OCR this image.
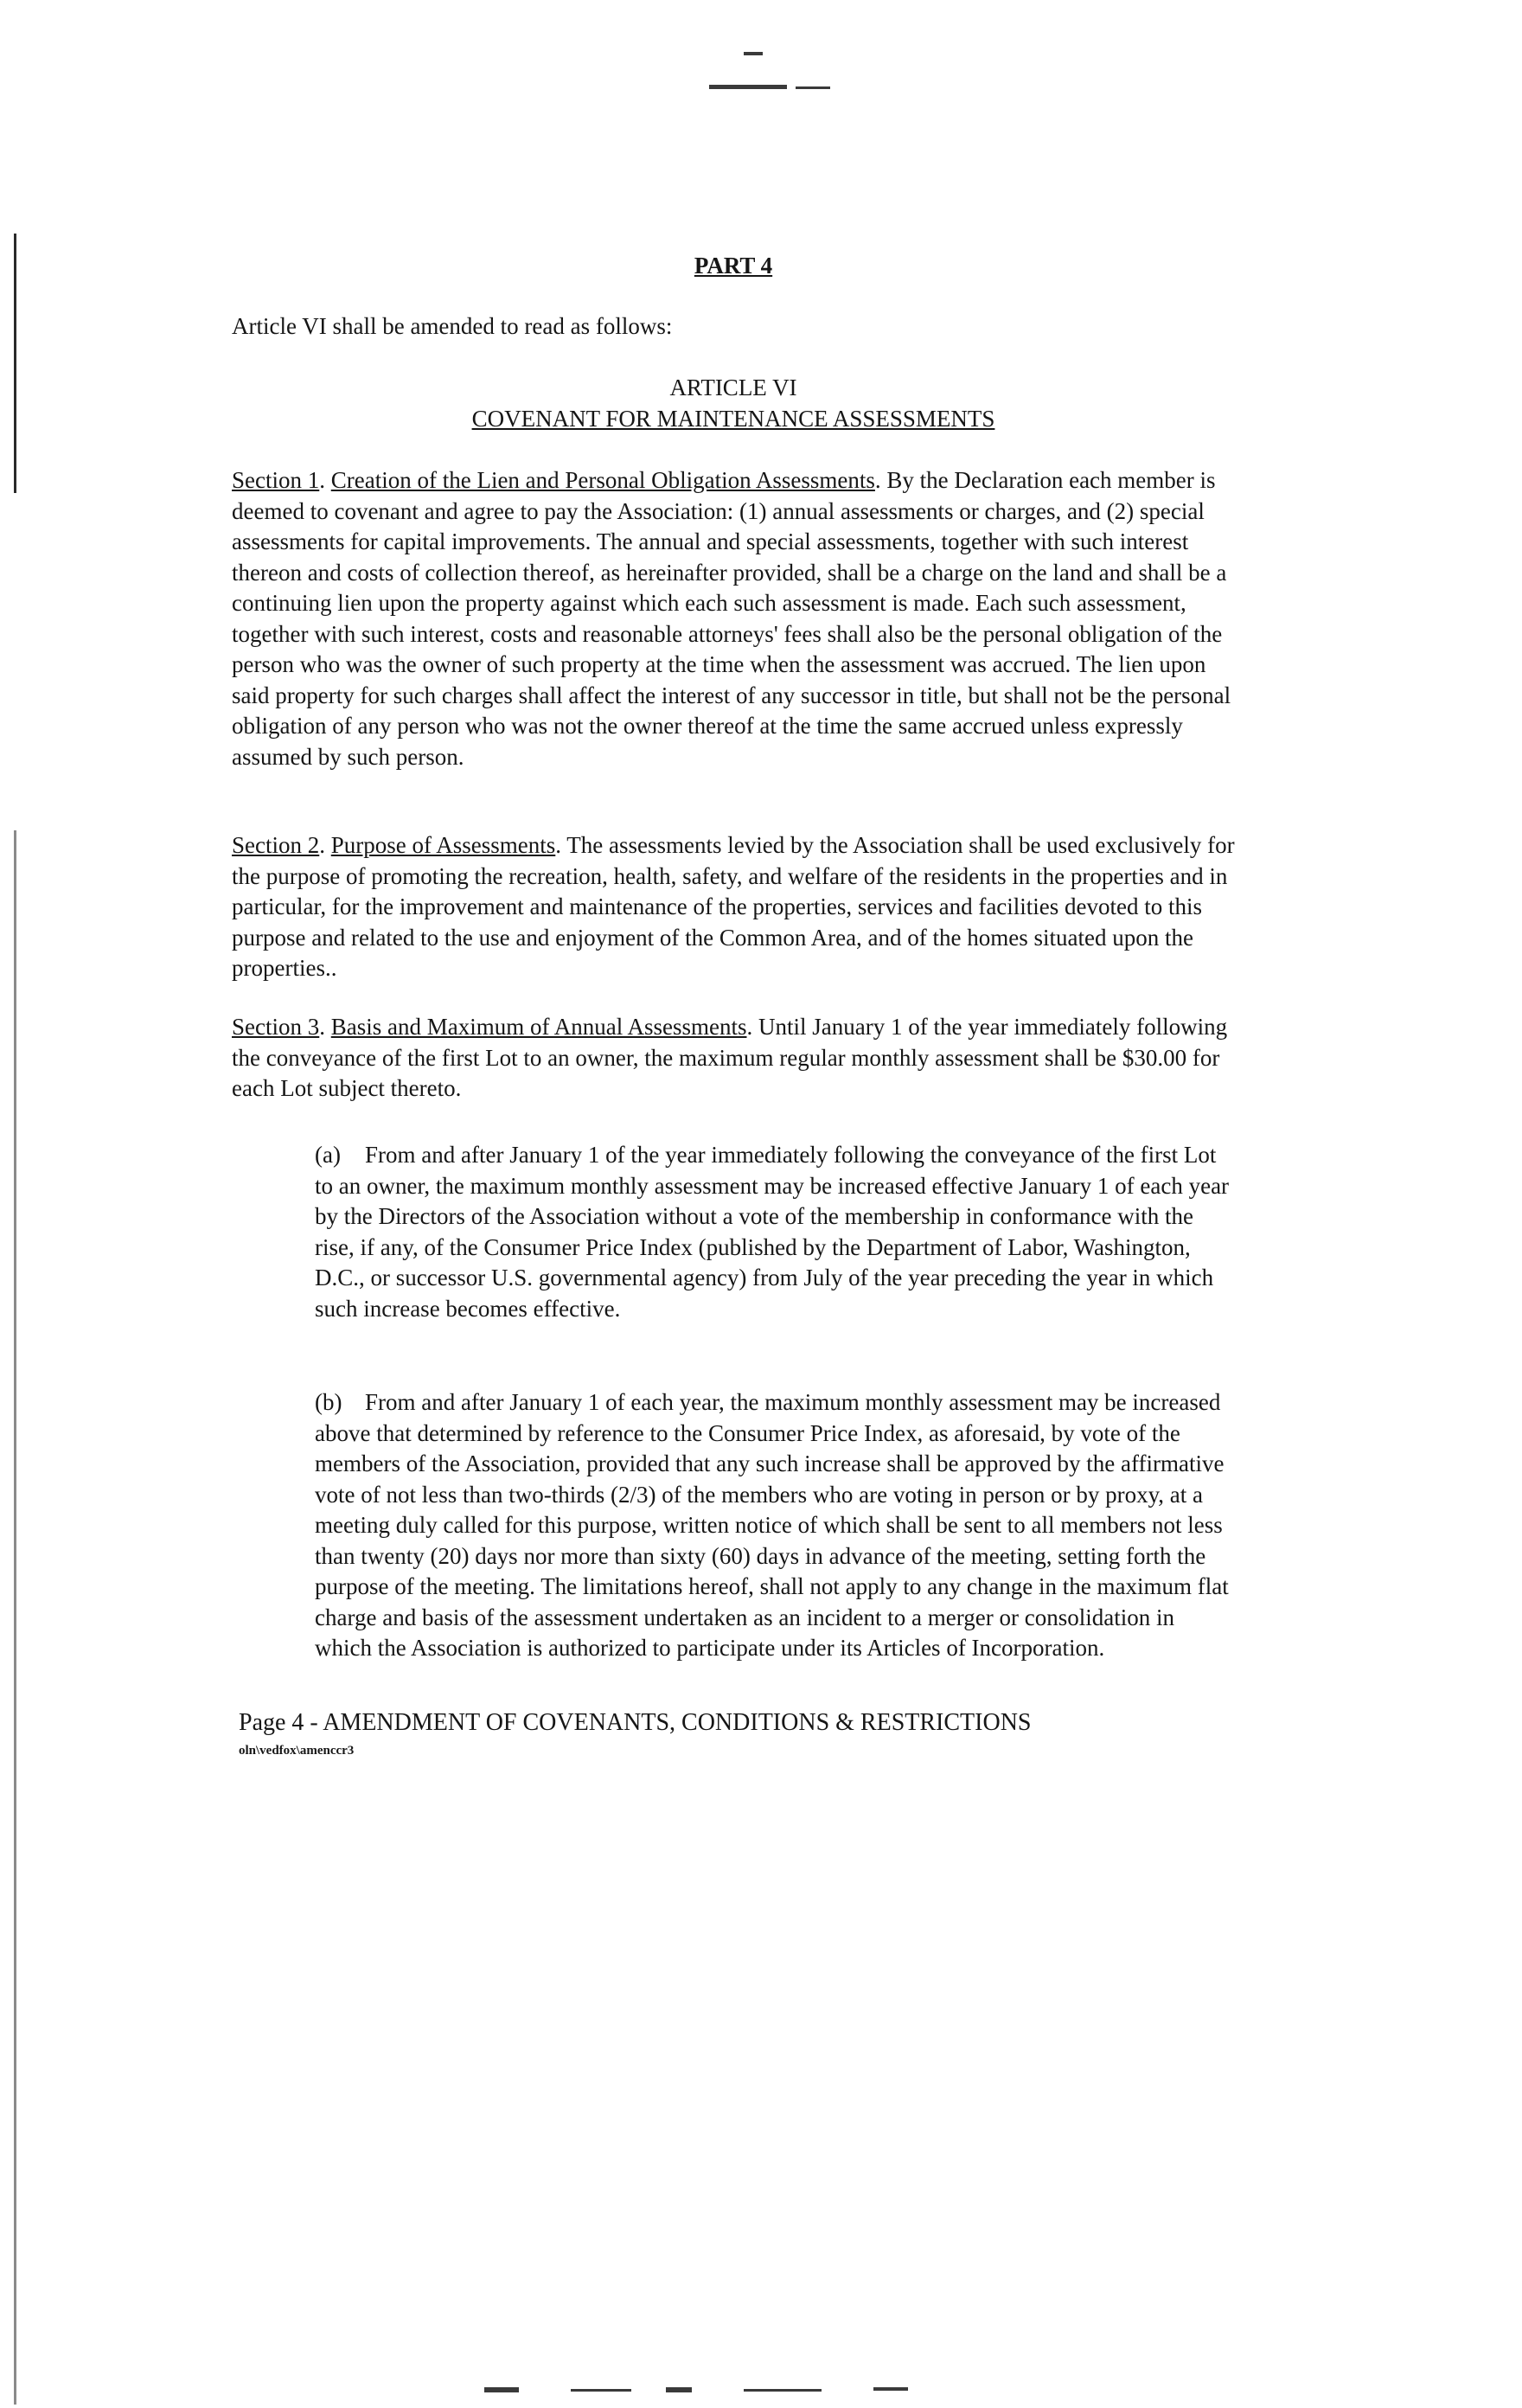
PART 4
Article VI shall be amended to read as follows:
ARTICLE VI
COVENANT FOR MAINTENANCE ASSESSMENTS
Section 1. Creation of the Lien and Personal Obligation Assessments. By the Declaration each member is deemed to covenant and agree to pay the Association: (1) annual assessments or charges, and (2) special assessments for capital improvements. The annual and special assessments, together with such interest thereon and costs of collection thereof, as hereinafter provided, shall be a charge on the land and shall be a continuing lien upon the property against which each such assessment is made. Each such assessment, together with such interest, costs and reasonable attorneys' fees shall also be the personal obligation of the person who was the owner of such property at the time when the assessment was accrued. The lien upon said property for such charges shall affect the interest of any successor in title, but shall not be the personal obligation of any person who was not the owner thereof at the time the same accrued unless expressly assumed by such person.
Section 2. Purpose of Assessments. The assessments levied by the Association shall be used exclusively for the purpose of promoting the recreation, health, safety, and welfare of the residents in the properties and in particular, for the improvement and maintenance of the properties, services and facilities devoted to this purpose and related to the use and enjoyment of the Common Area, and of the homes situated upon the properties..
Section 3. Basis and Maximum of Annual Assessments. Until January 1 of the year immediately following the conveyance of the first Lot to an owner, the maximum regular monthly assessment shall be $30.00 for each Lot subject thereto.
(a) From and after January 1 of the year immediately following the conveyance of the first Lot to an owner, the maximum monthly assessment may be increased effective January 1 of each year by the Directors of the Association without a vote of the membership in conformance with the rise, if any, of the Consumer Price Index (published by the Department of Labor, Washington, D.C., or successor U.S. governmental agency) from July of the year preceding the year in which such increase becomes effective.
(b) From and after January 1 of each year, the maximum monthly assessment may be increased above that determined by reference to the Consumer Price Index, as aforesaid, by vote of the members of the Association, provided that any such increase shall be approved by the affirmative vote of not less than two-thirds (2/3) of the members who are voting in person or by proxy, at a meeting duly called for this purpose, written notice of which shall be sent to all members not less than twenty (20) days nor more than sixty (60) days in advance of the meeting, setting forth the purpose of the meeting. The limitations hereof, shall not apply to any change in the maximum flat charge and basis of the assessment undertaken as an incident to a merger or consolidation in which the Association is authorized to participate under its Articles of Incorporation.
Page 4 - AMENDMENT OF COVENANTS, CONDITIONS & RESTRICTIONS
oln\vedfox\amenccr3
